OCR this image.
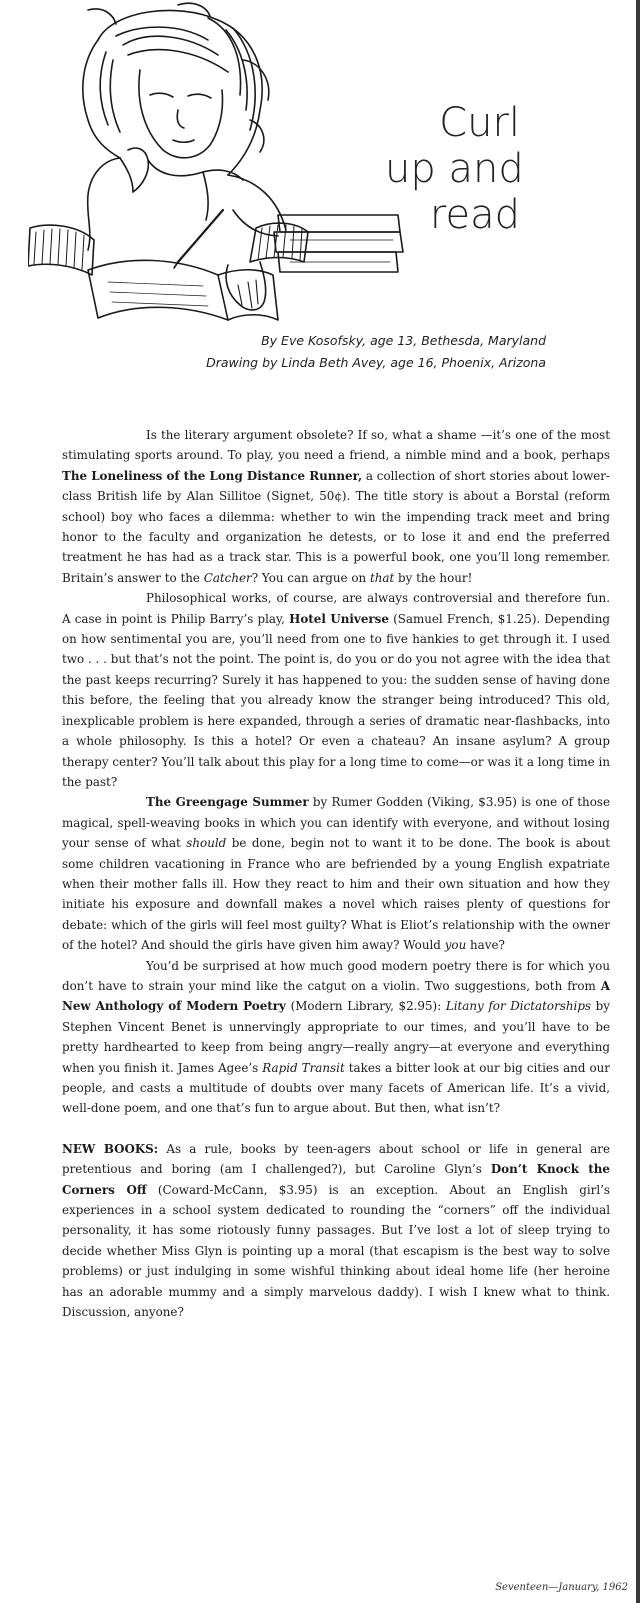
Curl
up and
read
By Eve Kosofsky, age 13, Bethesda, Maryland
Drawing by Linda Beth Avey, age 16, Phoenix, Arizona

Is the literary argument obsolete? If so, what a shame —it’s one of the most stimulating sports around. To play, you need a friend, a nimble mind and a book, perhaps The Loneliness of the Long Distance Runner, a collection of short stories about lower-class British life by Alan Sillitoe (Signet, 50¢). The title story is about a Borstal (reform school) boy who faces a dilemma: whether to win the impending track meet and bring honor to the faculty and organization he detests, or to lose it and end the preferred treatment he has had as a track star. This is a powerful book, one you’ll long remember. Britain’s answer to the Catcher? You can argue on that by the hour!

Philosophical works, of course, are always controversial and therefore fun. A case in point is Philip Barry’s play, Hotel Universe (Samuel French, $1.25). Depending on how sentimental you are, you’ll need from one to five hankies to get through it. I used two . . . but that’s not the point. The point is, do you or do you not agree with the idea that the past keeps recurring? Surely it has happened to you: the sudden sense of having done this before, the feeling that you already know the stranger being introduced? This old, inexplicable problem is here expanded, through a series of dramatic near-flashbacks, into a whole philosophy. Is this a hotel? Or even a chateau? An insane asylum? A group therapy center? You’ll talk about this play for a long time to come—or was it a long time in the past?

The Greengage Summer by Rumer Godden (Viking, $3.95) is one of those magical, spell-weaving books in which you can identify with everyone, and without losing your sense of what should be done, begin not to want it to be done. The book is about some children vacationing in France who are befriended by a young English expatriate when their mother falls ill. How they react to him and their own situation and how they initiate his exposure and downfall makes a novel which raises plenty of questions for debate: which of the girls will feel most guilty? What is Eliot’s relationship with the owner of the hotel? And should the girls have given him away? Would you have?

You’d be surprised at how much good modern poetry there is for which you don’t have to strain your mind like the catgut on a violin. Two suggestions, both from A New Anthology of Modern Poetry (Modern Library, $2.95): Litany for Dictatorships by Stephen Vincent Benet is unnervingly appropriate to our times, and you’ll have to be pretty hardhearted to keep from being angry—really angry—at everyone and everything when you finish it. James Agee’s Rapid Transit takes a bitter look at our big cities and our people, and casts a multitude of doubts over many facets of American life. It’s a vivid, well-done poem, and one that’s fun to argue about. But then, what isn’t?

NEW BOOKS: As a rule, books by teen-agers about school or life in general are pretentious and boring (am I challenged?), but Caroline Glyn’s Don’t Knock the Corners Off (Coward-McCann, $3.95) is an exception. About an English girl’s experiences in a school system dedicated to rounding the “corners” off the individual personality, it has some riotously funny passages. But I’ve lost a lot of sleep trying to decide whether Miss Glyn is pointing up a moral (that escapism is the best way to solve problems) or just indulging in some wishful thinking about ideal home life (her heroine has an adorable mummy and a simply marvelous daddy). I wish I knew what to think. Discussion, anyone?

Seventeen—January, 1962
